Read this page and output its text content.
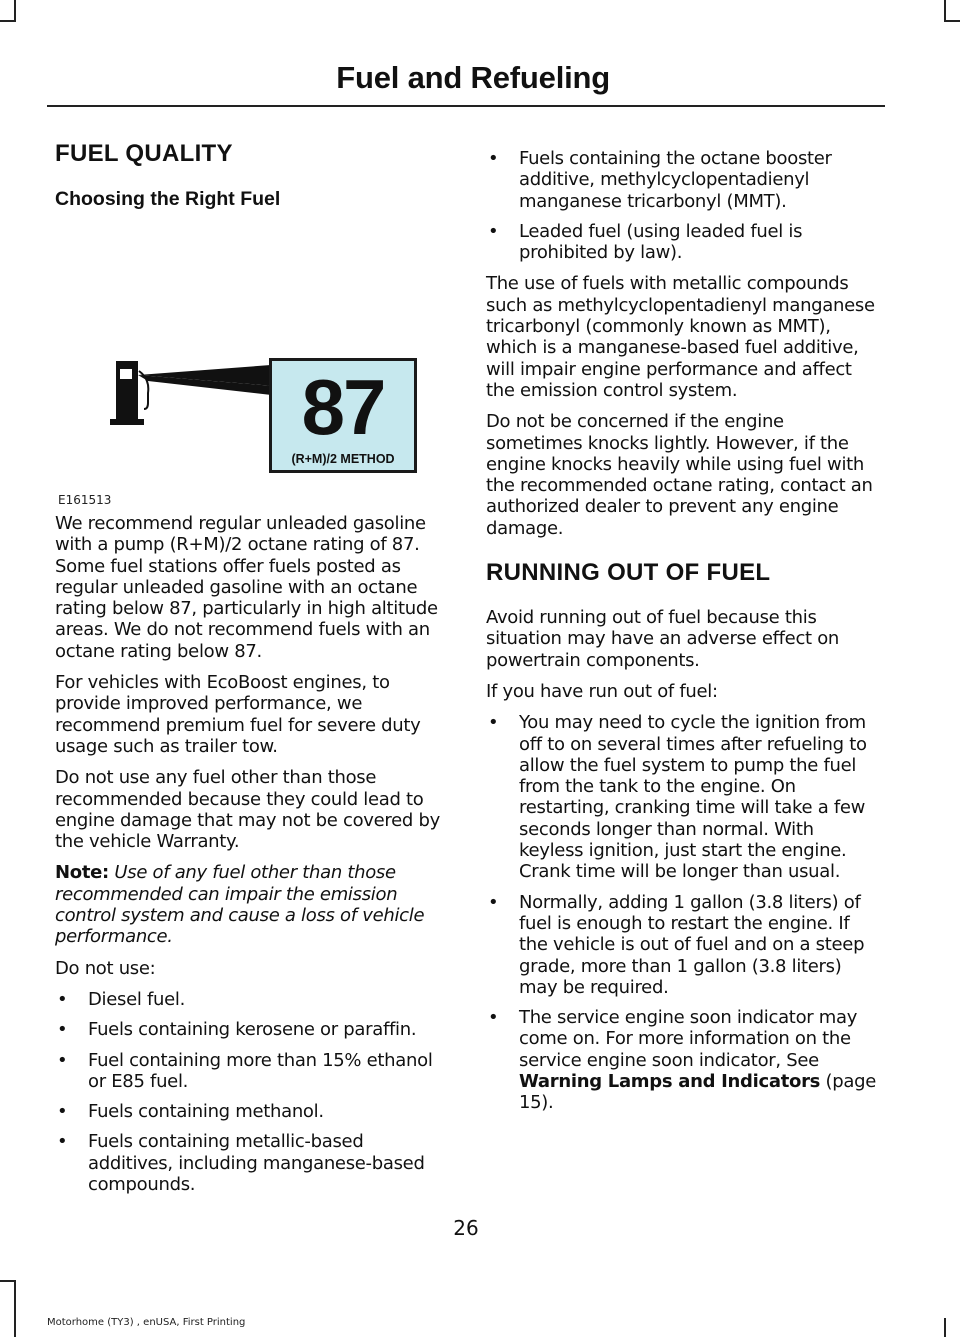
Fuel and Refueling
FUEL QUALITY
Choosing the Right Fuel
87
(R+M)/2 METHOD
E161513

We recommend regular unleaded gasoline with a pump (R+M)/2 octane rating of 87. Some fuel stations offer fuels posted as regular unleaded gasoline with an octane rating below 87, particularly in high altitude areas. We do not recommend fuels with an octane rating below 87.

For vehicles with EcoBoost engines, to provide improved performance, we recommend premium fuel for severe duty usage such as trailer tow.

Do not use any fuel other than those recommended because they could lead to engine damage that may not be covered by the vehicle Warranty.

Note: Use of any fuel other than those recommended can impair the emission control system and cause a loss of vehicle performance.

Do not use:

• Diesel fuel.
• Fuels containing kerosene or paraffin.
• Fuel containing more than 15% ethanol or E85 fuel.
• Fuels containing methanol.
• Fuels containing metallic-based additives, including manganese-based compounds.
• Fuels containing the octane booster additive, methylcyclopentadienyl manganese tricarbonyl (MMT).
• Leaded fuel (using leaded fuel is prohibited by law).

The use of fuels with metallic compounds such as methylcyclopentadienyl manganese tricarbonyl (commonly known as MMT), which is a manganese-based fuel additive, will impair engine performance and affect the emission control system.

Do not be concerned if the engine sometimes knocks lightly. However, if the engine knocks heavily while using fuel with the recommended octane rating, contact an authorized dealer to prevent any engine damage.

RUNNING OUT OF FUEL

Avoid running out of fuel because this situation may have an adverse effect on powertrain components.

If you have run out of fuel:

• You may need to cycle the ignition from off to on several times after refueling to allow the fuel system to pump the fuel from the tank to the engine. On restarting, cranking time will take a few seconds longer than normal. With keyless ignition, just start the engine. Crank time will be longer than usual.
• Normally, adding 1 gallon (3.8 liters) of fuel is enough to restart the engine. If the vehicle is out of fuel and on a steep grade, more than 1 gallon (3.8 liters) may be required.
• The service engine soon indicator may come on. For more information on the service engine soon indicator, See Warning Lamps and Indicators (page 15).
26
Motorhome (TY3) , enUSA, First Printing
